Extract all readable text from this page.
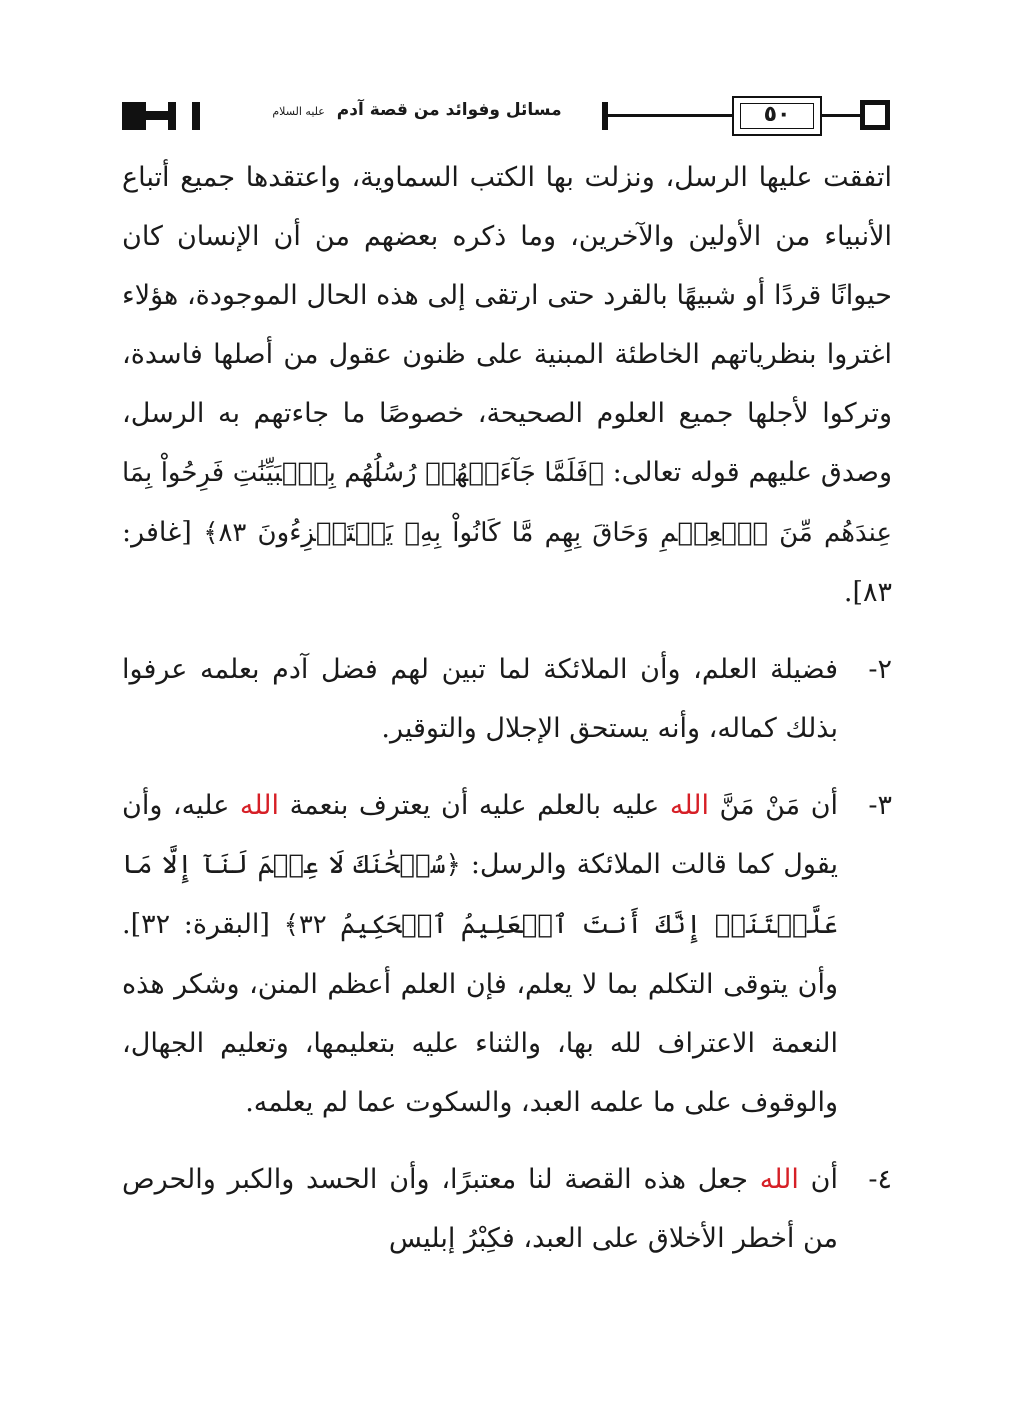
مسائل وفوائد من قصة آدم عليه السلام	٥٠

اتفقت عليها الرسل، ونزلت بها الكتب السماوية، واعتقدها جميع أتباع الأنبياء من الأولين والآخرين، وما ذكره بعضهم من أن الإنسان كان حيوانًا قردًا أو شبيهًا بالقرد حتى ارتقى إلى هذه الحال الموجودة، هؤلاء اغتروا بنظرياتهم الخاطئة المبنية على ظنون عقول من أصلها فاسدة، وتركوا لأجلها جميع العلوم الصحيحة، خصوصًا ما جاءتهم به الرسل، وصدق عليهم قوله تعالى: ﴿فَلَمَّا جَآءَتۡهُمۡ رُسُلُهُم بِٱلۡبَيِّنَٰتِ فَرِحُواْ بِمَا عِندَهُم مِّنَ ٱلۡعِلۡمِ وَحَاقَ بِهِم مَّا كَانُواْ بِهِۦ يَسۡتَهۡزِءُونَ ٨٣﴾ [غافر: ٨٣].

٢-
فضيلة العلم، وأن الملائكة لما تبين لهم فضل آدم بعلمه عرفوا بذلك كماله، وأنه يستحق الإجلال والتوقير.

٣-
أن مَنْ مَنَّ الله عليه بالعلم عليه أن يعترف بنعمة الله عليه، وأن يقول كما قالت الملائكة والرسل: ﴿سُبۡحَٰنَكَ لَا عِلۡمَ لَنَآ إِلَّا مَا عَلَّمۡتَنَآۖ إِنَّكَ أَنتَ ٱلۡعَلِيمُ ٱلۡحَكِيمُ ٣٢﴾ [البقرة: ٣٢]. وأن يتوقى التكلم بما لا يعلم، فإن العلم أعظم المنن، وشكر هذه النعمة الاعتراف لله بها، والثناء عليه بتعليمها، وتعليم الجهال، والوقوف على ما علمه العبد، والسكوت عما لم يعلمه.

٤-
أن الله جعل هذه القصة لنا معتبرًا، وأن الحسد والكبر والحرص من أخطر الأخلاق على العبد، فكِبْرُ إبليس
